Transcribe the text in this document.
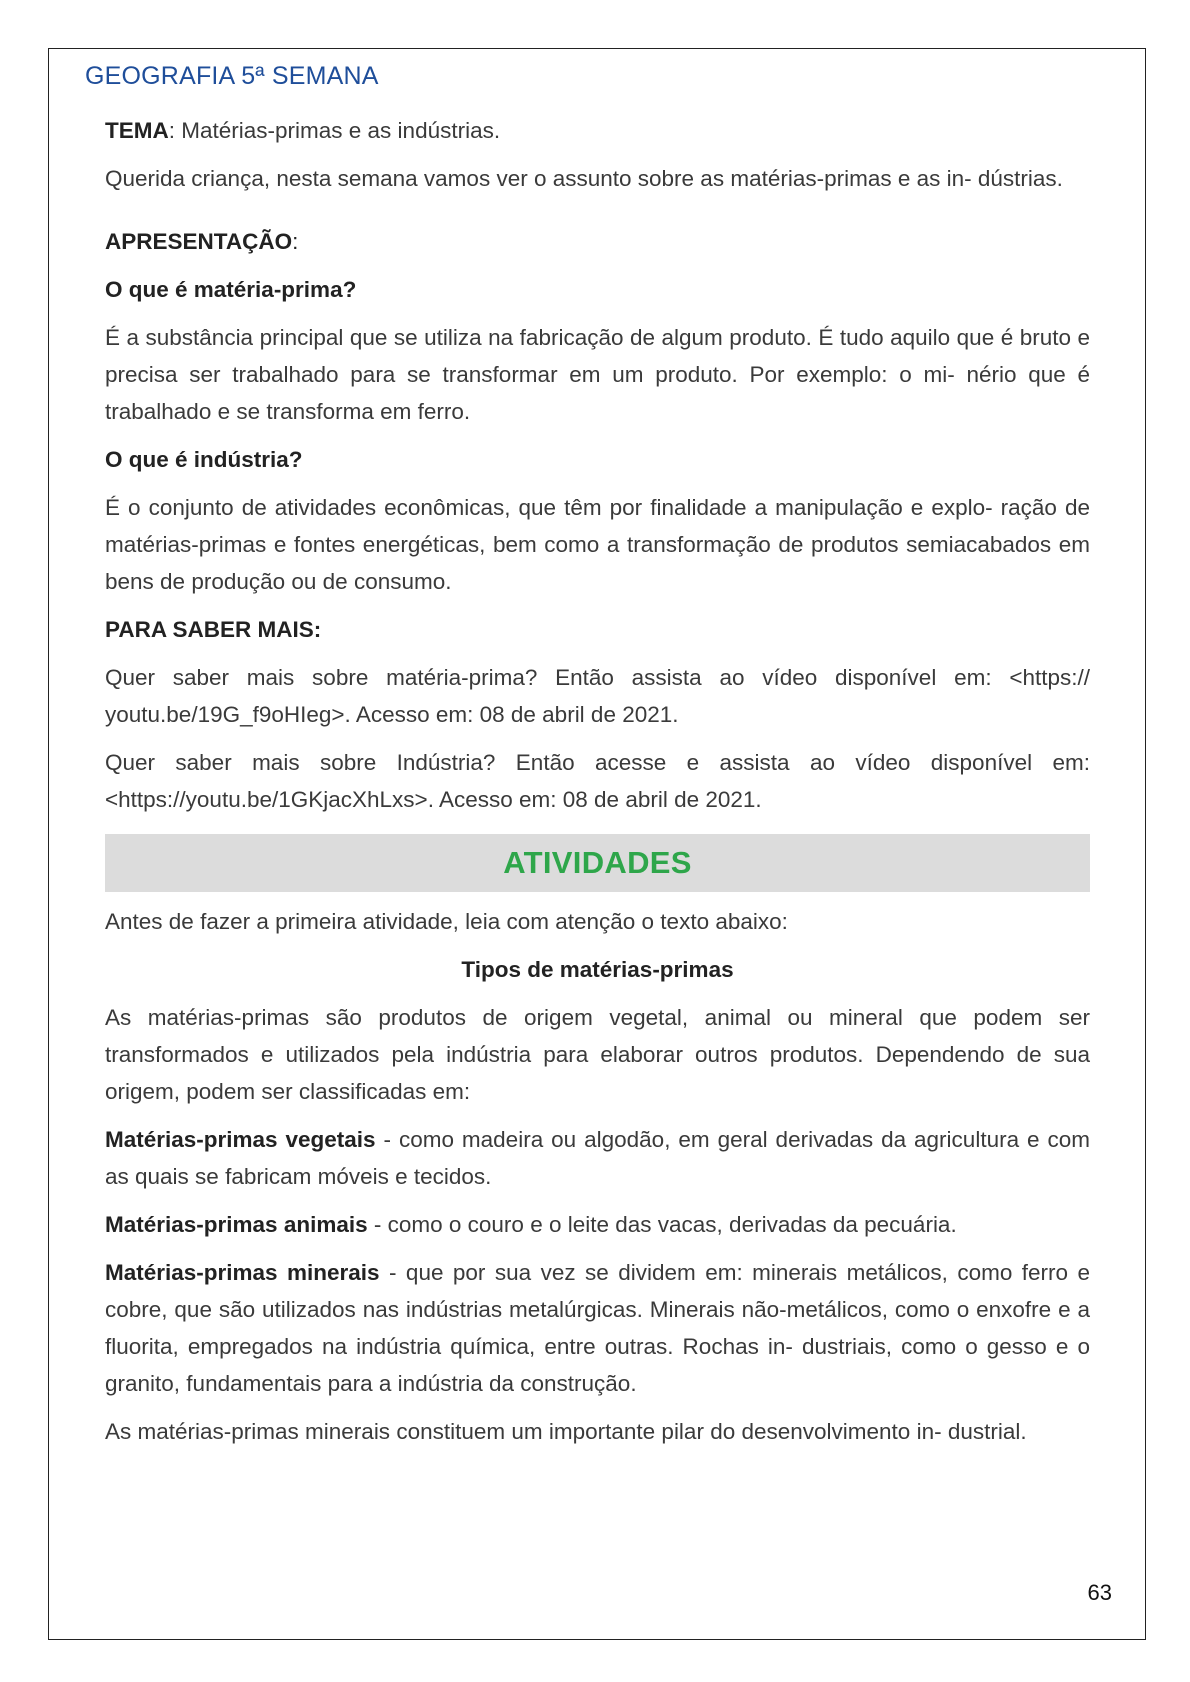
GEOGRAFIA 5ª SEMANA

TEMA: Matérias-primas e as indústrias.

Querida criança, nesta semana vamos ver o assunto sobre as matérias-primas e as in- dústrias.

APRESENTAÇÃO:
O que é matéria-prima?

É a substância principal que se utiliza na fabricação de algum produto. É tudo aquilo que é bruto e precisa ser trabalhado para se transformar em um produto. Por exemplo: o mi- nério que é trabalhado e se transforma em ferro.

O que é indústria?

É o conjunto de atividades econômicas, que têm por finalidade a manipulação e explo- ração de matérias-primas e fontes energéticas, bem como a transformação de produtos semiacabados em bens de produção ou de consumo.

PARA SABER MAIS:

Quer saber mais sobre matéria-prima? Então assista ao vídeo disponível em: <https:// youtu.be/19G_f9oHIeg>. Acesso em: 08 de abril de 2021.

Quer saber mais sobre Indústria? Então acesse e assista ao vídeo disponível em: <https://youtu.be/1GKjacXhLxs>. Acesso em: 08 de abril de 2021.

ATIVIDADES

Antes de fazer a primeira atividade, leia com atenção o texto abaixo:

Tipos de matérias-primas

As matérias-primas são produtos de origem vegetal, animal ou mineral que podem ser transformados e utilizados pela indústria para elaborar outros produtos. Dependendo de sua origem, podem ser classificadas em:

Matérias-primas vegetais - como madeira ou algodão, em geral derivadas da agricultura e com as quais se fabricam móveis e tecidos.

Matérias-primas animais - como o couro e o leite das vacas, derivadas da pecuária.

Matérias-primas minerais - que por sua vez se dividem em: minerais metálicos, como ferro e cobre, que são utilizados nas indústrias metalúrgicas. Minerais não-metálicos, como o enxofre e a fluorita, empregados na indústria química, entre outras. Rochas in- dustriais, como o gesso e o granito, fundamentais para a indústria da construção.

As matérias-primas minerais constituem um importante pilar do desenvolvimento in- dustrial.

63
